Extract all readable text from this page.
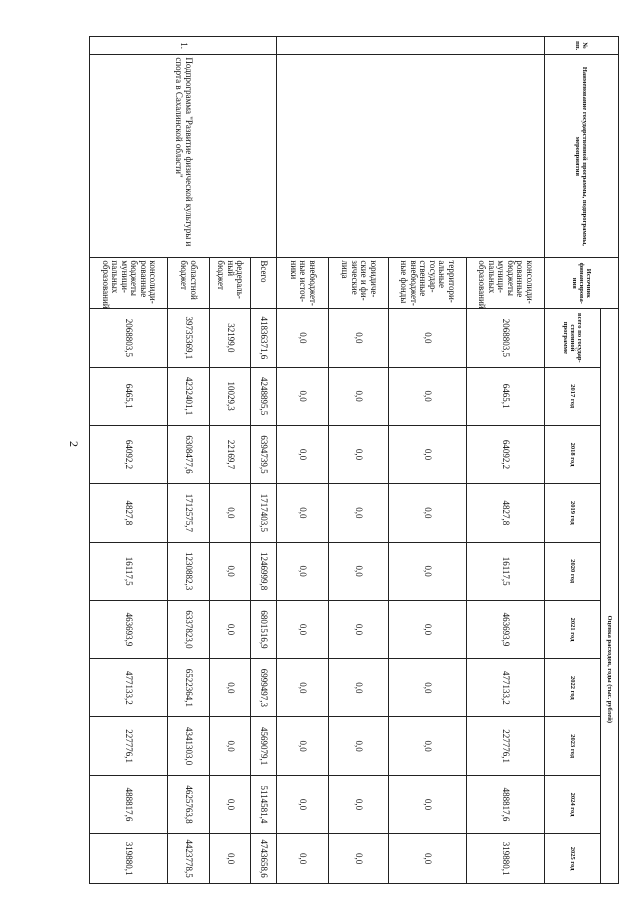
2
№ пп.	Наименование государственной программы, подпрограммы, мероприятия	Источник финансирова-ния	Оценка расходов, годы (тыс. рублей)									
			всего по государ-ственной программе	2017 год	2018 год	2019 год	2020 год	2021 год	2022 год	2023 год	2024 год	2025 год
		консолиди-рованные бюджеты муници-пальных образований	2068803,5	6465,1	64092,2	4827,8	16117,5	463693,9	477133,2	227776,1	488817,6	319880,1
		территори-альные государ-ственные внебюджет-ные фонды	0,0	0,0	0,0	0,0	0,0	0,0	0,0	0,0	0,0	0,0
		юридиче-ские и фи-зические лица	0,0	0,0	0,0	0,0	0,0	0,0	0,0	0,0	0,0	0,0
		внебюджет-ные источ-ники	0,0	0,0	0,0	0,0	0,0	0,0	0,0	0,0	0,0	0,0
1.	Подпрограмма "Развитие физической культуры и спорта в Сахалинской области"	Всего	41836371,6	4248895,5	6394739,5	1717403,5	1246999,8	6801516,9	6999497,3	4569079,1	5114581,4	4743658,6
		федераль-ный бюджет	32199,0	10029,3	22169,7	0,0	0,0	0,0	0,0	0,0	0,0	0,0
		областной бюджет	39735369,1	4232401,1	6308477,6	1712575,7	1230882,3	6337823,0	6522364,1	4341303,0	4625763,8	4423778,5
		консолиди-рованные бюджеты муници-пальных образований	2068803,5	6465,1	64092,2	4827,8	16117,5	463693,9	477133,2	227776,1	488817,6	319880,1
